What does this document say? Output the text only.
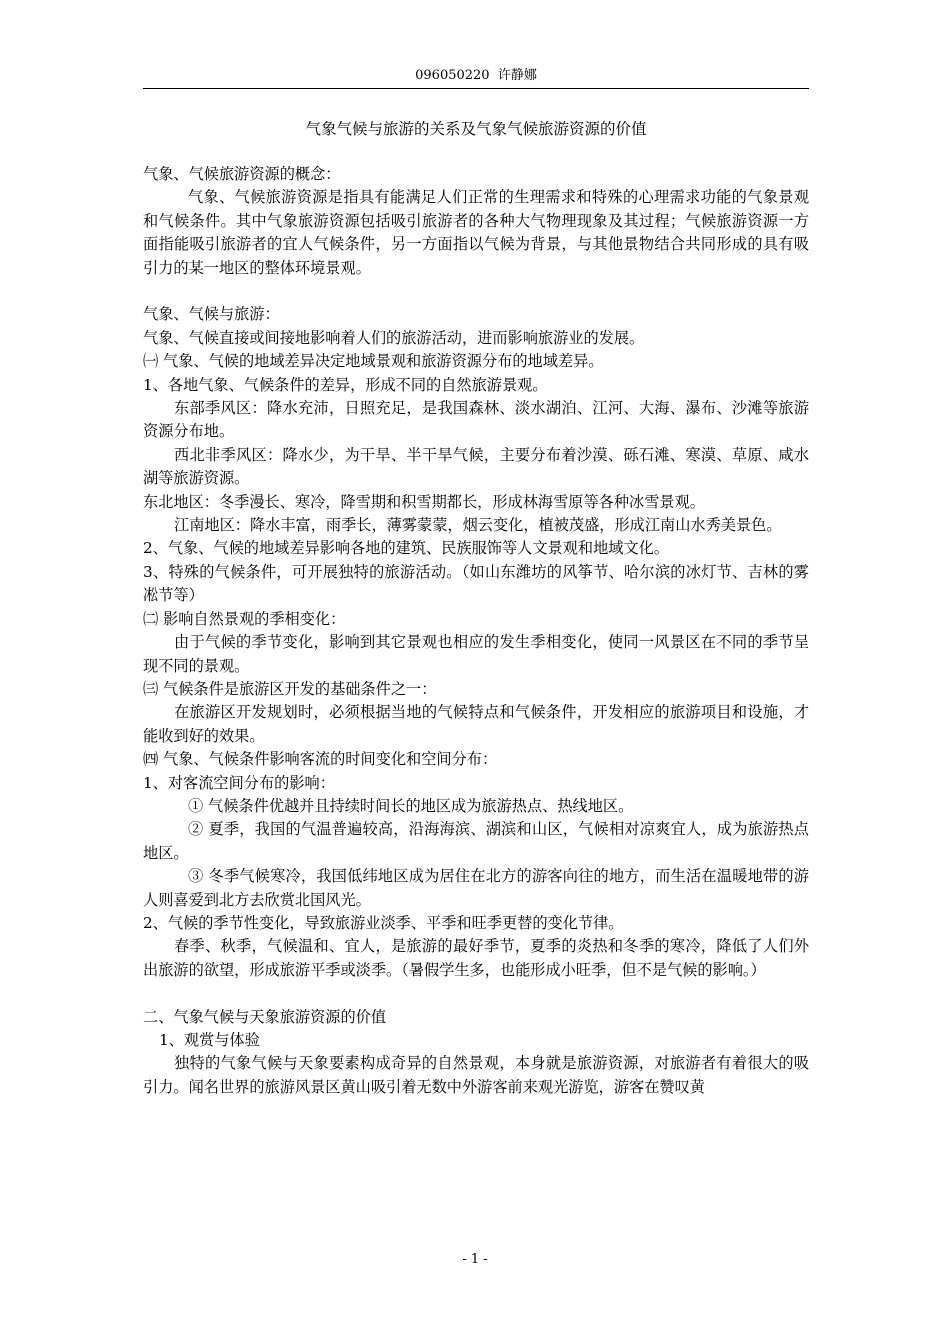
096050220  许静娜
气象气候与旅游的关系及气象气候旅游资源的价值

气象、气候旅游资源的概念：

气象、气候旅游资源是指具有能满足人们正常的生理需求和特殊的心理需求功能的气象景观和气候条件。其中气象旅游资源包括吸引旅游者的各种大气物理现象及其过程；气候旅游资源一方面指能吸引旅游者的宜人气候条件，另一方面指以气候为背景，与其他景物结合共同形成的具有吸引力的某一地区的整体环境景观。

气象、气候与旅游：

气象、气候直接或间接地影响着人们的旅游活动，进而影响旅游业的发展。

㈠ 气象、气候的地域差异决定地域景观和旅游资源分布的地域差异。

1、各地气象、气候条件的差异，形成不同的自然旅游景观。

东部季风区：降水充沛，日照充足，是我国森林、淡水湖泊、江河、大海、瀑布、沙滩等旅游资源分布地。

西北非季风区：降水少，为干旱、半干旱气候，主要分布着沙漠、砾石滩、寒漠、草原、咸水湖等旅游资源。

东北地区：冬季漫长、寒冷，降雪期和积雪期都长，形成林海雪原等各种冰雪景观。

江南地区：降水丰富，雨季长，薄雾蒙蒙，烟云变化，植被茂盛，形成江南山水秀美景色。

2、气象、气候的地域差异影响各地的建筑、民族服饰等人文景观和地域文化。

3、特殊的气候条件，可开展独特的旅游活动。（如山东潍坊的风筝节、哈尔滨的冰灯节、吉林的雾凇节等）

㈡ 影响自然景观的季相变化：

由于气候的季节变化，影响到其它景观也相应的发生季相变化，使同一风景区在不同的季节呈现不同的景观。

㈢ 气候条件是旅游区开发的基础条件之一：

在旅游区开发规划时，必须根据当地的气候特点和气候条件，开发相应的旅游项目和设施，才能收到好的效果。

㈣ 气象、气候条件影响客流的时间变化和空间分布：

1、对客流空间分布的影响：

① 气候条件优越并且持续时间长的地区成为旅游热点、热线地区。

② 夏季，我国的气温普遍较高，沿海海滨、湖滨和山区，气候相对凉爽宜人，成为旅游热点地区。

③ 冬季气候寒冷，我国低纬地区成为居住在北方的游客向往的地方，而生活在温暖地带的游人则喜爱到北方去欣赏北国风光。

2、气候的季节性变化，导致旅游业淡季、平季和旺季更替的变化节律。

春季、秋季，气候温和、宜人，是旅游的最好季节，夏季的炎热和冬季的寒冷，降低了人们外出旅游的欲望，形成旅游平季或淡季。（暑假学生多，也能形成小旺季，但不是气候的影响。）

二、气象气候与天象旅游资源的价值

1、观赏与体验

独特的气象气候与天象要素构成奇异的自然景观，本身就是旅游资源，对旅游者有着很大的吸引力。闻名世界的旅游风景区黄山吸引着无数中外游客前来观光游览，游客在赞叹黄

- 1 -
